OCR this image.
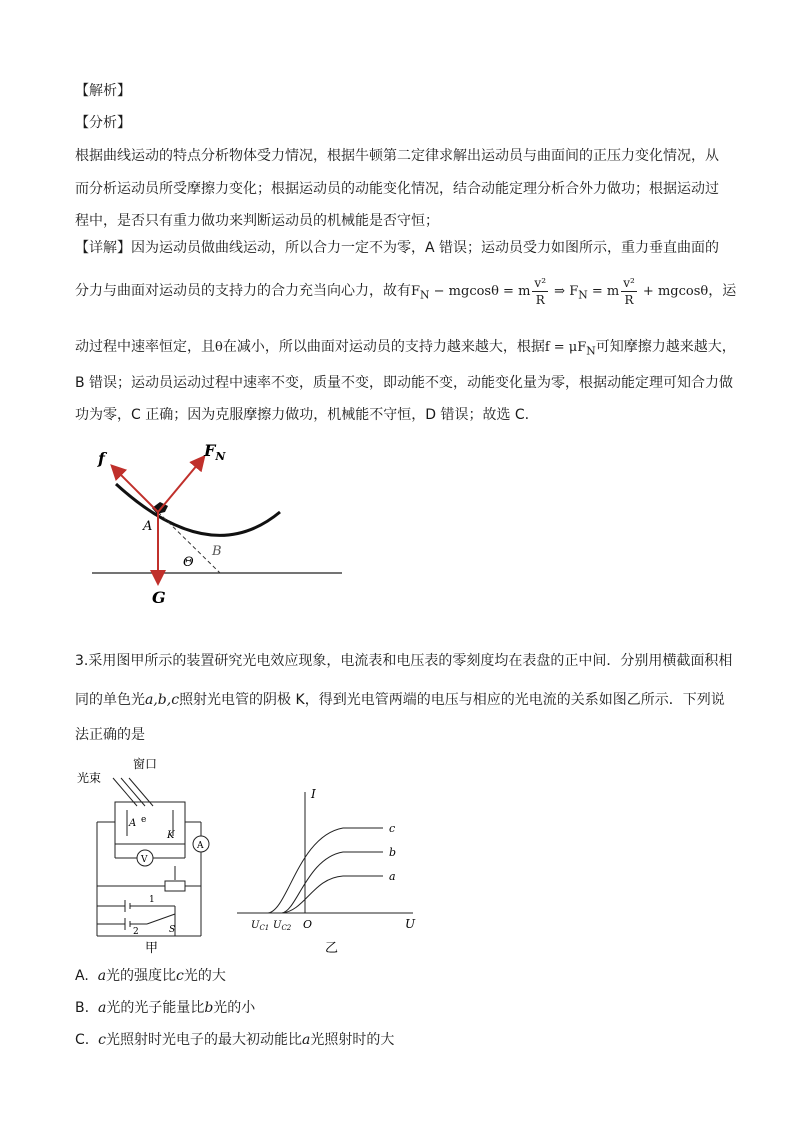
【解析】

【分析】

根据曲线运动的特点分析物体受力情况，根据牛顿第二定律求解出运动员与曲面间的正压力变化情况，从

而分析运动员所受摩擦力变化；根据运动员的动能变化情况，结合动能定理分析合外力做功；根据运动过

程中，是否只有重力做功来判断运动员的机械能是否守恒；

【详解】因为运动员做曲线运动，所以合力一定不为零，A 错误；运动员受力如图所示，重力垂直曲面的

分力与曲面对运动员的支持力的合力充当向心力，故有$F_N - mgcos\theta = m \frac{\text{v²}}{R}$ ⇒ $F_N = m \frac{\text{v²}}{R} + mgcos\theta$，运
动过程中速率恒定，且θ在减小，所以曲面对运动员的支持力越来越大，根据$f = \mu F_N$可知摩擦力越来越大，

B 错误；运动员运动过程中速率不变，质量不变，即动能不变，动能变化量为零，根据动能定理可知合力做

功为零，C 正确；因为克服摩擦力做功，机械能不守恒，D 错误；故选 C.

f	$F_N$
A
B
Θ
G

3.采用图甲所示的装置研究光电效应现象，电流表和电压表的零刻度均在表盘的正中间．分别用横截面积相

同的单色光a,b,c照射光电管的阴极 K，得到光电管两端的电压与相应的光电流的关系如图乙所示．下列说

法正确的是

窗口
光束
A
K
e
V
A
1
2	S
甲
I
U
O
$U_{C1}$ $U_{C2}$
c
b
a
乙
A. a光的强度比c光的大
B. a光的光子能量比b光的小
C. c光照射时光电子的最大初动能比a光照射时的大
